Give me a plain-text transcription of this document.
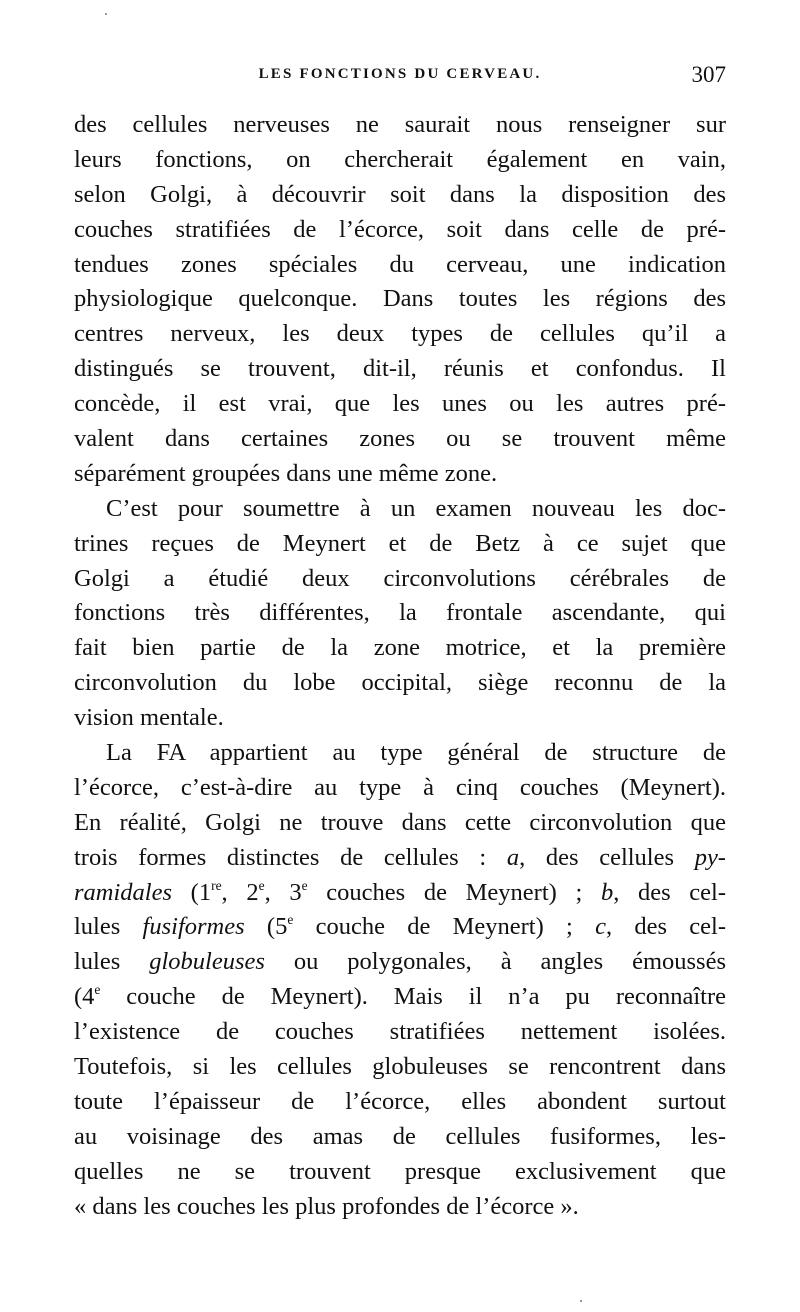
LES FONCTIONS DU CERVEAU.	307
des cellules nerveuses ne saurait nous renseigner sur
leurs fonctions, on chercherait également en vain,
selon Golgi, à découvrir soit dans la disposition des
couches stratifiées de l’écorce, soit dans celle de pré-
tendues zones spéciales du cerveau, une indication
physiologique quelconque. Dans toutes les régions des
centres nerveux, les deux types de cellules qu’il a
distingués se trouvent, dit-il, réunis et confondus. Il
concède, il est vrai, que les unes ou les autres pré-
valent dans certaines zones ou se trouvent même
séparément groupées dans une même zone.
C’est pour soumettre à un examen nouveau les doc-
trines reçues de Meynert et de Betz à ce sujet que
Golgi a étudié deux circonvolutions cérébrales de
fonctions très différentes, la frontale ascendante, qui
fait bien partie de la zone motrice, et la première
circonvolution du lobe occipital, siège reconnu de la
vision mentale.
La FA appartient au type général de structure de
l’écorce, c’est-à-dire au type à cinq couches (Meynert).
En réalité, Golgi ne trouve dans cette circonvolution que
trois formes distinctes de cellules : a, des cellules py-
ramidales (1re, 2e, 3e couches de Meynert) ; b, des cel-
lules fusiformes (5e couche de Meynert) ; c, des cel-
lules globuleuses ou polygonales, à angles émoussés
(4e couche de Meynert). Mais il n’a pu reconnaître
l’existence de couches stratifiées nettement isolées.
Toutefois, si les cellules globuleuses se rencontrent dans
toute l’épaisseur de l’écorce, elles abondent surtout
au voisinage des amas de cellules fusiformes, les-
quelles ne se trouvent presque exclusivement que
« dans les couches les plus profondes de l’écorce ».
